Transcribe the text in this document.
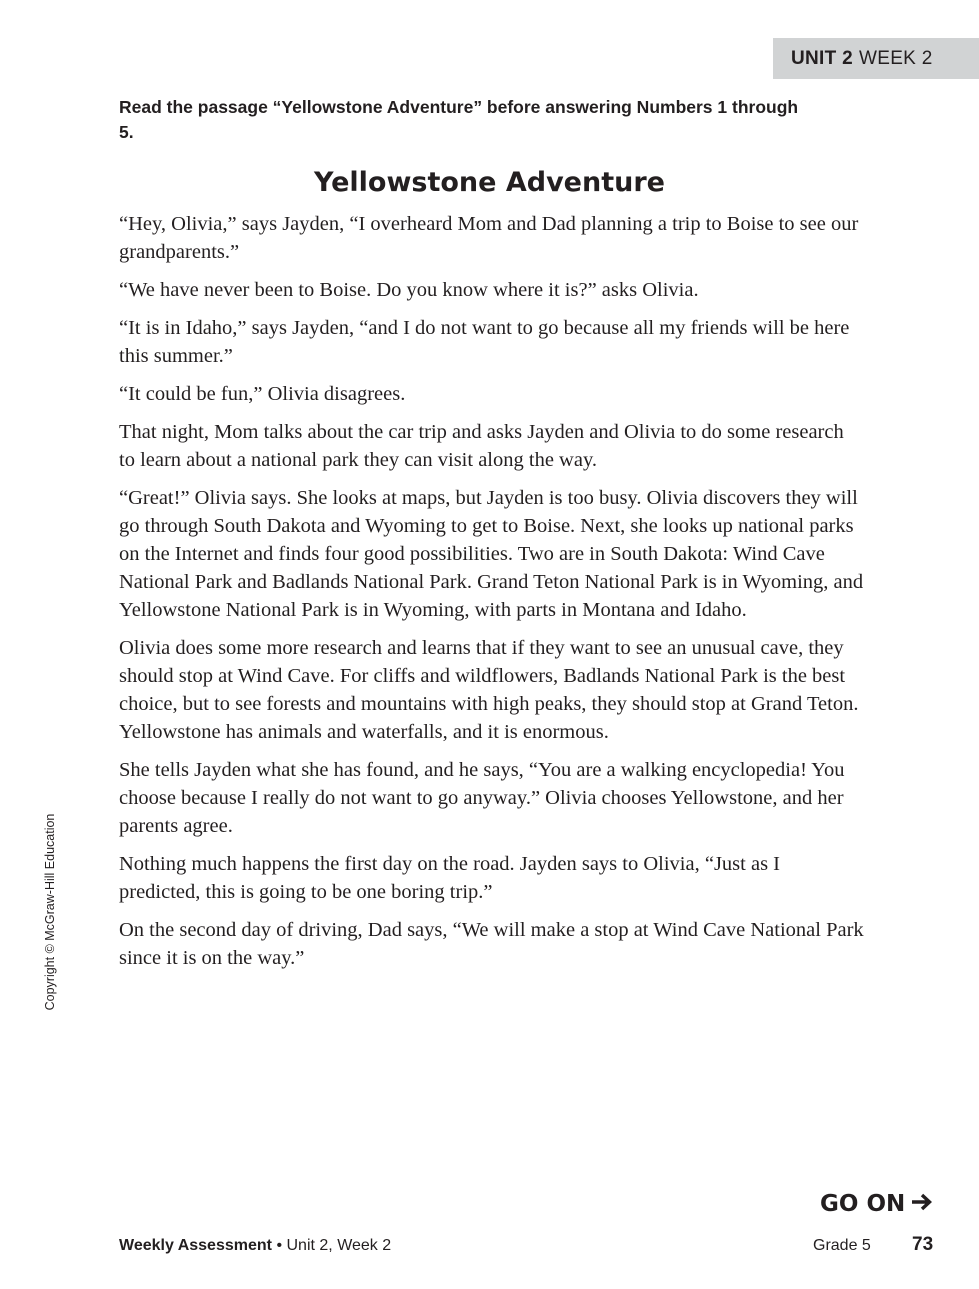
UNIT 2 WEEK 2

Read the passage “Yellowstone Adventure” before answering Numbers 1 through 5.

Yellowstone Adventure

“Hey, Olivia,” says Jayden, “I overheard Mom and Dad planning a trip to Boise to see our grandparents.”

“We have never been to Boise. Do you know where it is?” asks Olivia.

“It is in Idaho,” says Jayden, “and I do not want to go because all my friends will be here this summer.”

“It could be fun,” Olivia disagrees.

That night, Mom talks about the car trip and asks Jayden and Olivia to do some research to learn about a national park they can visit along the way.

“Great!” Olivia says. She looks at maps, but Jayden is too busy. Olivia discovers they will go through South Dakota and Wyoming to get to Boise. Next, she looks up national parks on the Internet and finds four good possibilities. Two are in South Dakota: Wind Cave National Park and Badlands National Park. Grand Teton National Park is in Wyoming, and Yellowstone National Park is in Wyoming, with parts in Montana and Idaho.

Olivia does some more research and learns that if they want to see an unusual cave, they should stop at Wind Cave. For cliffs and wildflowers, Badlands National Park is the best choice, but to see forests and mountains with high peaks, they should stop at Grand Teton. Yellowstone has animals and waterfalls, and it is enormous.

She tells Jayden what she has found, and he says, “You are a walking encyclopedia! You choose because I really do not want to go anyway.” Olivia chooses Yellowstone, and her parents agree.

Nothing much happens the first day on the road. Jayden says to Olivia, “Just as I predicted, this is going to be one boring trip.”

On the second day of driving, Dad says, “We will make a stop at Wind Cave National Park since it is on the way.”

Copyright © McGraw-Hill Education
GO ON
Weekly Assessment • Unit 2, Week 2	Grade 5 73
